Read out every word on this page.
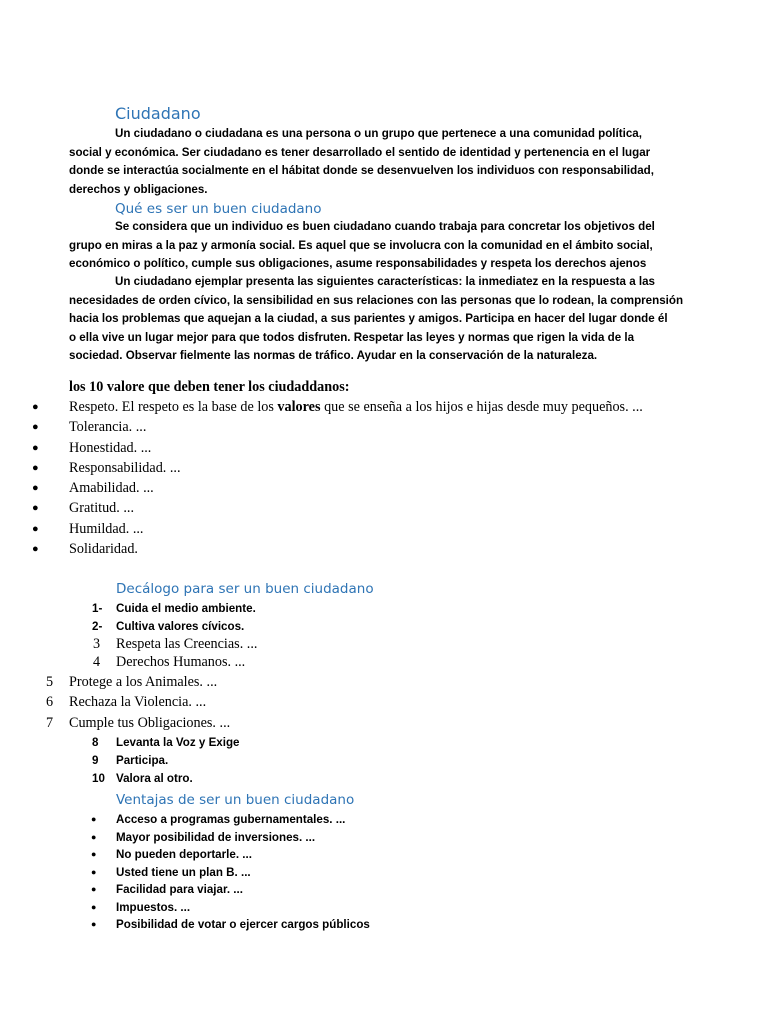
Ciudadano

Un ciudadano o ciudadana es una persona o un grupo que pertenece a una comunidad política,
social y económica. Ser ciudadano es tener desarrollado el sentido de identidad y pertenencia en el lugar
donde se interactúa socialmente en el hábitat donde se desenvuelven los individuos con responsabilidad,
derechos y obligaciones.

Qué es ser un buen ciudadano

Se considera que un individuo es buen ciudadano cuando trabaja para concretar los objetivos del
grupo en miras a la paz y armonía social. Es aquel que se involucra con la comunidad en el ámbito social,
económico o político, cumple sus obligaciones, asume responsabilidades y respeta los derechos ajenos

Un ciudadano ejemplar presenta las siguientes características: la inmediatez en la respuesta a las
necesidades de orden cívico, la sensibilidad en sus relaciones con las personas que lo rodean, la comprensión
hacia los problemas que aquejan a la ciudad, a sus parientes y amigos. Participa en hacer del lugar donde él
o ella vive un lugar mejor para que todos disfruten. Respetar las leyes y normas que rigen la vida de la
sociedad. Observar fielmente las normas de tráfico. Ayudar en la conservación de la naturaleza.

los 10 valore que deben tener los ciudaddanos:
● Respeto. El respeto es la base de los valores que se enseña a los hijos e hijas desde muy pequeños. ...
● Tolerancia. ...
● Honestidad. ...
● Responsabilidad. ...
● Amabilidad. ...
● Gratitud. ...
● Humildad. ...
● Solidaridad.
Decálogo para ser un buen ciudadano
1- Cuida el medio ambiente.
2- Cultiva valores cívicos.
3 Respeta las Creencias. ...
4 Derechos Humanos. ...
5 Protege a los Animales. ...
6 Rechaza la Violencia. ...
7 Cumple tus Obligaciones. ...
8 Levanta la Voz y Exige
9 Participa.
10 Valora al otro.
Ventajas de ser un buen ciudadano
● Acceso a programas gubernamentales. ...
● Mayor posibilidad de inversiones. ...
● No pueden deportarle. ...
● Usted tiene un plan B. ...
● Facilidad para viajar. ...
● Impuestos. ...
● Posibilidad de votar o ejercer cargos públicos
